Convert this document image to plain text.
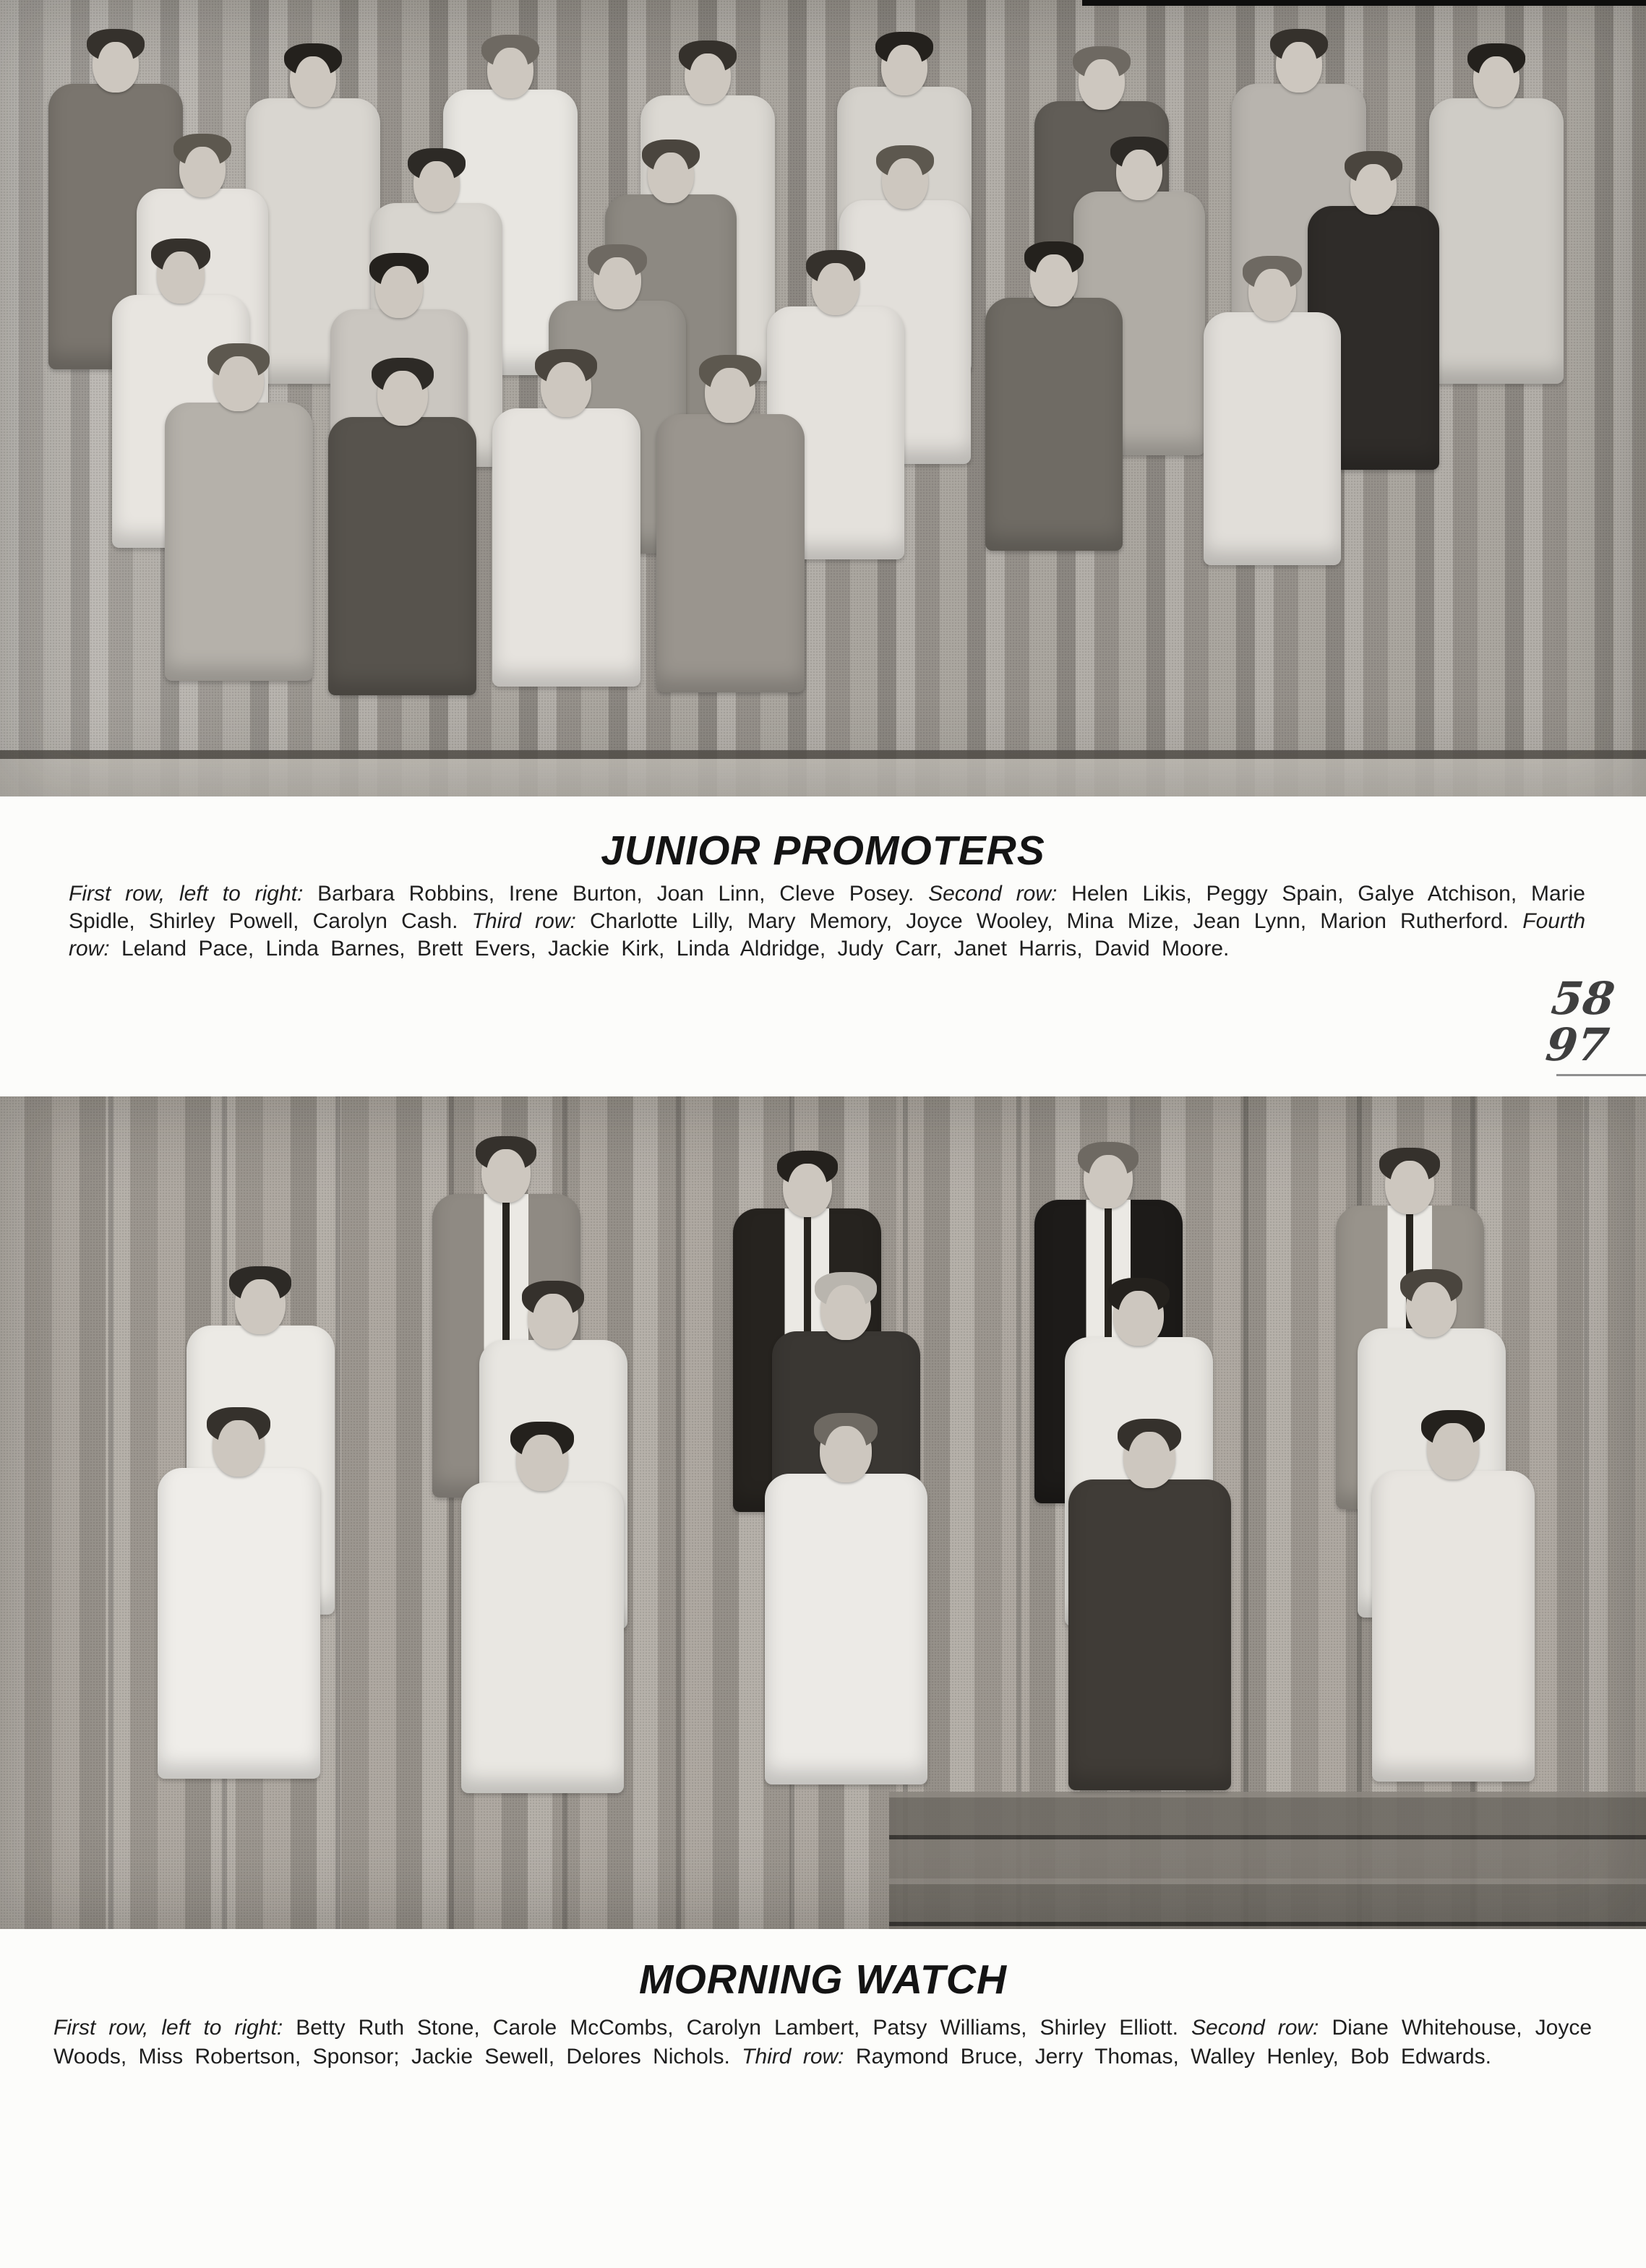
JUNIOR PROMOTERS

First row, left to right: Barbara Robbins, Irene Burton, Joan Linn, Cleve Posey. Second row: Helen Likis, Peggy Spain, Galye Atchison, Marie Spidle, Shirley Powell, Carolyn Cash. Third row: Charlotte Lilly, Mary Memory, Joyce Wooley, Mina Mize, Jean Lynn, Marion Rutherford. Fourth row: Leland Pace, Linda Barnes, Brett Evers, Jackie Kirk, Linda Aldridge, Judy Carr, Janet Harris, David Moore.

58
97
MORNING WATCH

First row, left to right: Betty Ruth Stone, Carole McCombs, Carolyn Lambert, Patsy Williams, Shirley Elliott. Second row: Diane Whitehouse, Joyce Woods, Miss Robertson, Sponsor; Jackie Sewell, Delores Nichols. Third row: Raymond Bruce, Jerry Thomas, Walley Henley, Bob Edwards.
